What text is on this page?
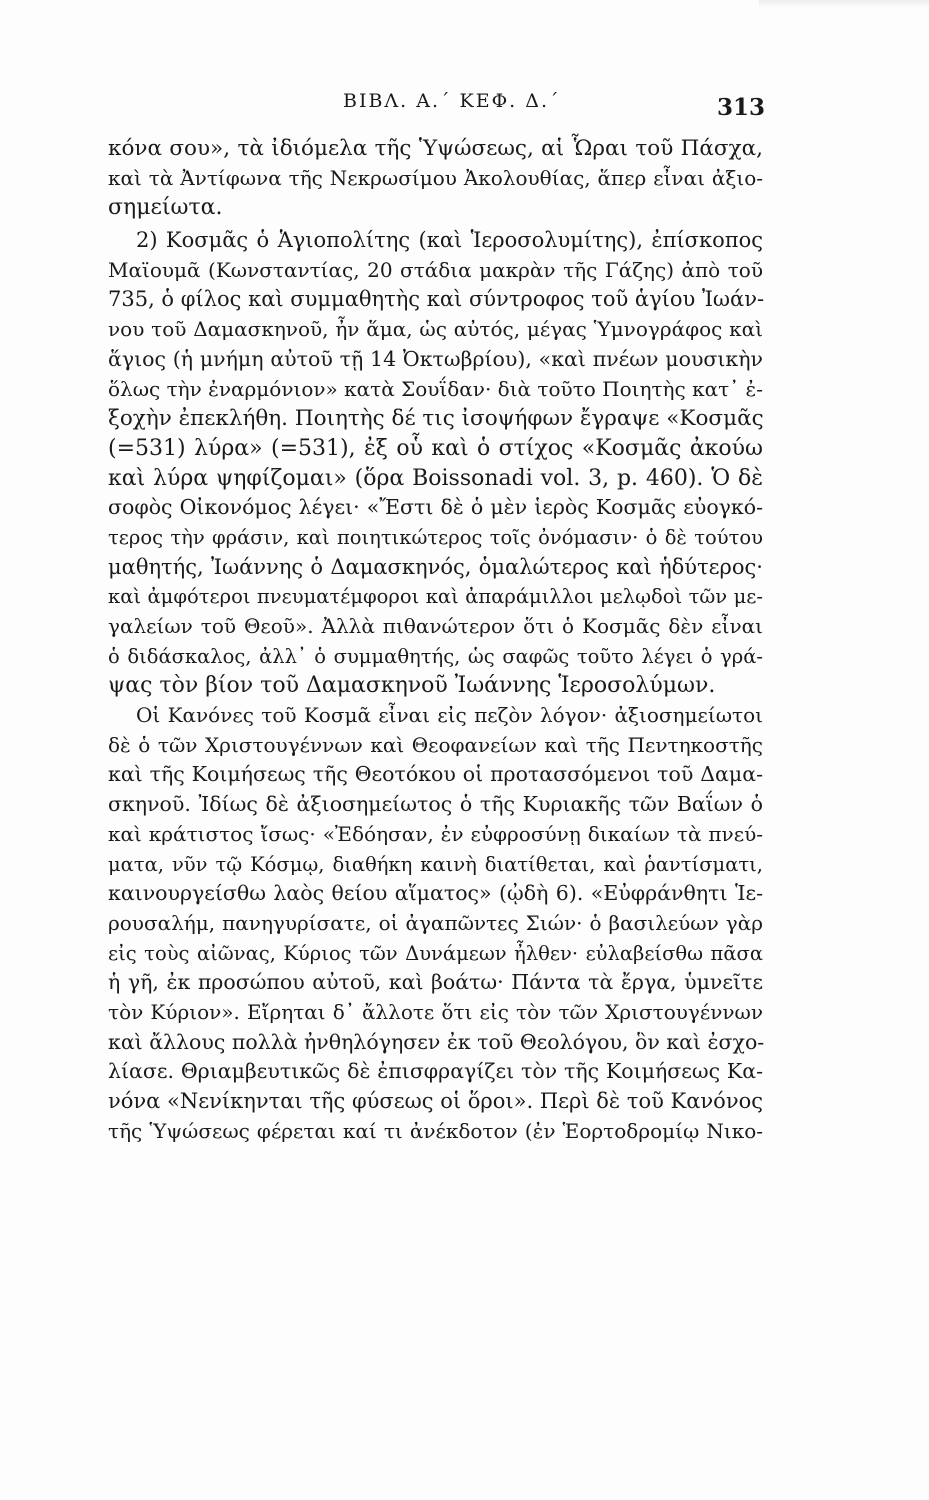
ΒΙΒΛ. Α.΄ ΚΕΦ. Δ.΄	313
κόνα σου», τὰ ἰδιόμελα τῆς Ὑψώσεως, αἱ Ὧραι τοῦ Πάσχα,
καὶ τὰ Ἀντίφωνα τῆς Νεκρωσίμου Ἀκολουθίας, ἅπερ εἶναι ἀξιο-
σημείωτα.
2) Κοσμᾶς ὁ Ἁγιοπολίτης (καὶ Ἱεροσολυμίτης), ἐπίσκοπος
Μαϊουμᾶ (Κωνσταντίας, 20 στάδια μακρὰν τῆς Γάζης) ἀπὸ τοῦ
735, ὁ φίλος καὶ συμμαθητὴς καὶ σύντροφος τοῦ ἁγίου Ἰωάν-
νου τοῦ Δαμασκηνοῦ, ἦν ἅμα, ὡς αὐτός, μέγας Ὑμνογράφος καὶ
ἅγιος (ἡ μνήμη αὐτοῦ τῇ 14 Ὀκτωβρίου), «καὶ πνέων μουσικὴν
ὅλως τὴν ἐναρμόνιον» κατὰ Σουΐδαν· διὰ τοῦτο Ποιητὴς κατ᾽ ἐ-
ξοχὴν ἐπεκλήθη. Ποιητὴς δέ τις ἰσοψήφων ἔγραψε «Κοσμᾶς
(=531) λύρα» (=531), ἐξ οὗ καὶ ὁ στίχος «Κοσμᾶς ἀκούω
καὶ λύρα ψηφίζομαι» (ὅρα Boissonadi vol. 3, p. 460). Ὁ δὲ
σοφὸς Οἰκονόμος λέγει· «Ἔστι δὲ ὁ μὲν ἱερὸς Κοσμᾶς εὐογκό-
τερος τὴν φράσιν, καὶ ποιητικώτερος τοῖς ὀνόμασιν· ὁ δὲ τούτου
μαθητής, Ἰωάννης ὁ Δαμασκηνός, ὁμαλώτερος καὶ ἡδύτερος·
καὶ ἀμφότεροι πνευματέμφοροι καὶ ἀπαράμιλλοι μελῳδοὶ τῶν με-
γαλείων τοῦ Θεοῦ». Ἀλλὰ πιθανώτερον ὅτι ὁ Κοσμᾶς δὲν εἶναι
ὁ διδάσκαλος, ἀλλ᾽ ὁ συμμαθητής, ὡς σαφῶς τοῦτο λέγει ὁ γρά-
ψας τὸν βίον τοῦ Δαμασκηνοῦ Ἰωάννης Ἱεροσολύμων.
Οἱ Κανόνες τοῦ Κοσμᾶ εἶναι εἰς πεζὸν λόγον· ἀξιοσημείωτοι
δὲ ὁ τῶν Χριστουγέννων καὶ Θεοφανείων καὶ τῆς Πεντηκοστῆς
καὶ τῆς Κοιμήσεως τῆς Θεοτόκου οἱ προτασσόμενοι τοῦ Δαμα-
σκηνοῦ. Ἰδίως δὲ ἀξιοσημείωτος ὁ τῆς Κυριακῆς τῶν Βαΐων ὁ
καὶ κράτιστος ἴσως· «Ἐδόησαν, ἐν εὐφροσύνῃ δικαίων τὰ πνεύ-
ματα, νῦν τῷ Κόσμῳ, διαθήκη καινὴ διατίθεται, καὶ ῥαντίσματι,
καινουργείσθω λαὸς θείου αἵματος» (ᾠδὴ 6). «Εὐφράνθητι Ἱε-
ρουσαλήμ, πανηγυρίσατε, οἱ ἀγαπῶντες Σιών· ὁ βασιλεύων γὰρ
εἰς τοὺς αἰῶνας, Κύριος τῶν Δυνάμεων ἦλθεν· εὐλαβείσθω πᾶσα
ἡ γῆ, ἐκ προσώπου αὐτοῦ, καὶ βοάτω· Πάντα τὰ ἔργα, ὑμνεῖτε
τὸν Κύριον». Εἴρηται δ᾽ ἄλλοτε ὅτι εἰς τὸν τῶν Χριστουγέννων
καὶ ἄλλους πολλὰ ἠνθηλόγησεν ἐκ τοῦ Θεολόγου, ὃν καὶ ἐσχο-
λίασε. Θριαμβευτικῶς δὲ ἐπισφραγίζει τὸν τῆς Κοιμήσεως Κα-
νόνα «Νενίκηνται τῆς φύσεως οἱ ὅροι». Περὶ δὲ τοῦ Κανόνος
τῆς Ὑψώσεως φέρεται καί τι ἀνέκδοτον (ἐν Ἑορτοδρομίῳ Νικο-
